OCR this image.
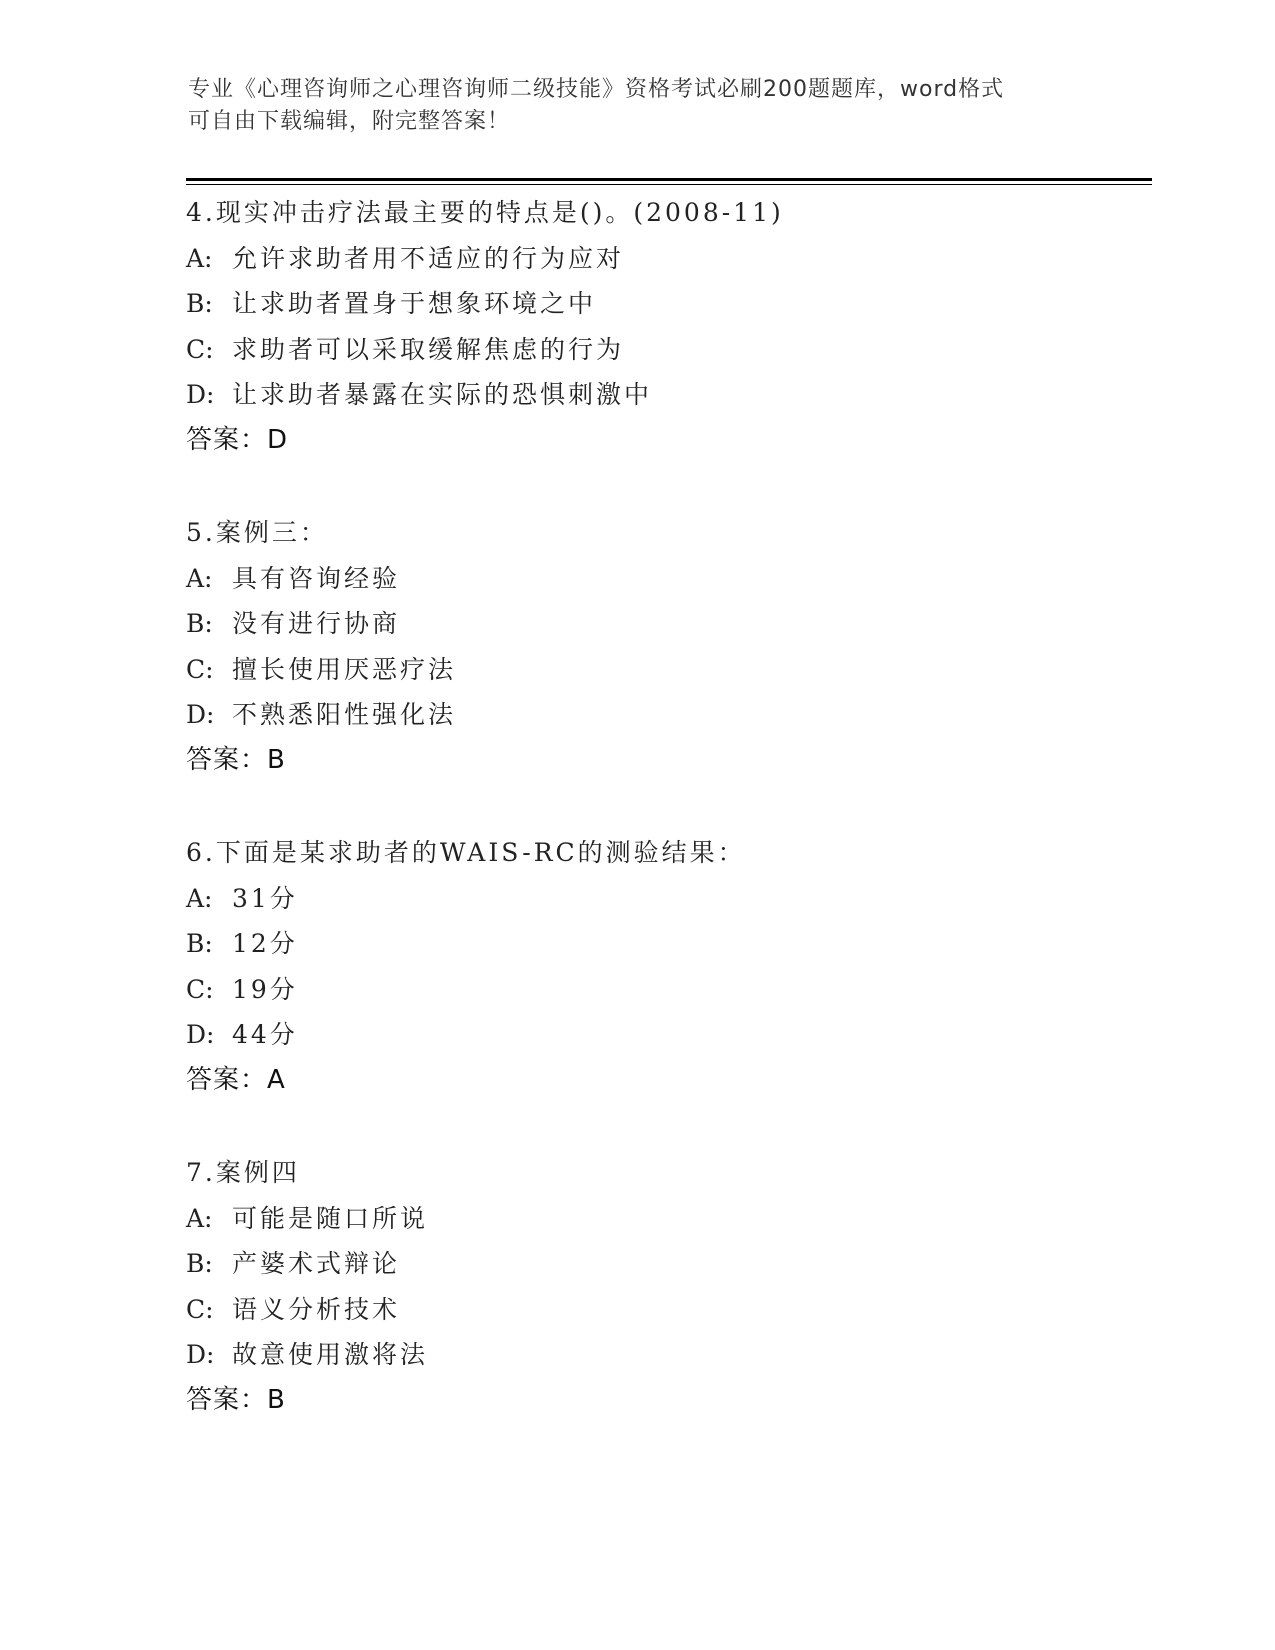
专业《心理咨询师之心理咨询师二级技能》资格考试必刷200题题库，word格式
可自由下载编辑，附完整答案！
4.现实冲击疗法最主要的特点是()。(2008-11)
A: 允许求助者用不适应的行为应对
B: 让求助者置身于想象环境之中
C: 求助者可以采取缓解焦虑的行为
D: 让求助者暴露在实际的恐惧刺激中
答案：D
5.案例三：
A: 具有咨询经验
B: 没有进行协商
C: 擅长使用厌恶疗法
D: 不熟悉阳性强化法
答案：B
6.下面是某求助者的WAIS-RC的测验结果：
A: 31分
B: 12分
C: 19分
D: 44分
答案：A
7.案例四
A: 可能是随口所说
B: 产婆术式辩论
C: 语义分析技术
D: 故意使用激将法
答案：B
